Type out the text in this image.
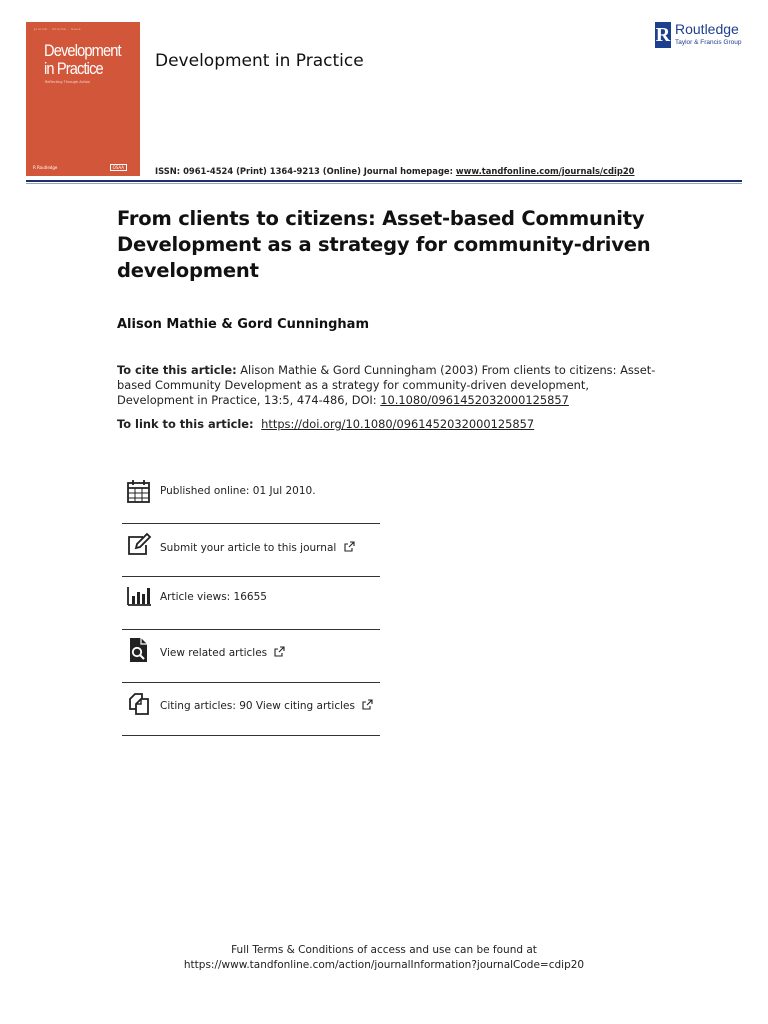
Journal · Volume · Issue
Development
in Practice
Reflecting Through Action
R Routledge	OSAA
Development in Practice
R Routledge
Taylor & Francis Group
ISSN: 0961-4524 (Print) 1364-9213 (Online) Journal homepage: www.tandfonline.com/journals/cdip20
From clients to citizens: Asset-based Community Development as a strategy for community-driven development
Alison Mathie & Gord Cunningham
To cite this article: Alison Mathie & Gord Cunningham (2003) From clients to citizens: Asset-based Community Development as a strategy for community-driven development, Development in Practice, 13:5, 474-486, DOI: 10.1080/0961452032000125857
To link to this article: https://doi.org/10.1080/0961452032000125857
Published online: 01 Jul 2010.
Submit your article to this journal
Article views: 16655
View related articles
Citing articles: 90 View citing articles
Full Terms & Conditions of access and use can be found at
https://www.tandfonline.com/action/journalInformation?journalCode=cdip20
